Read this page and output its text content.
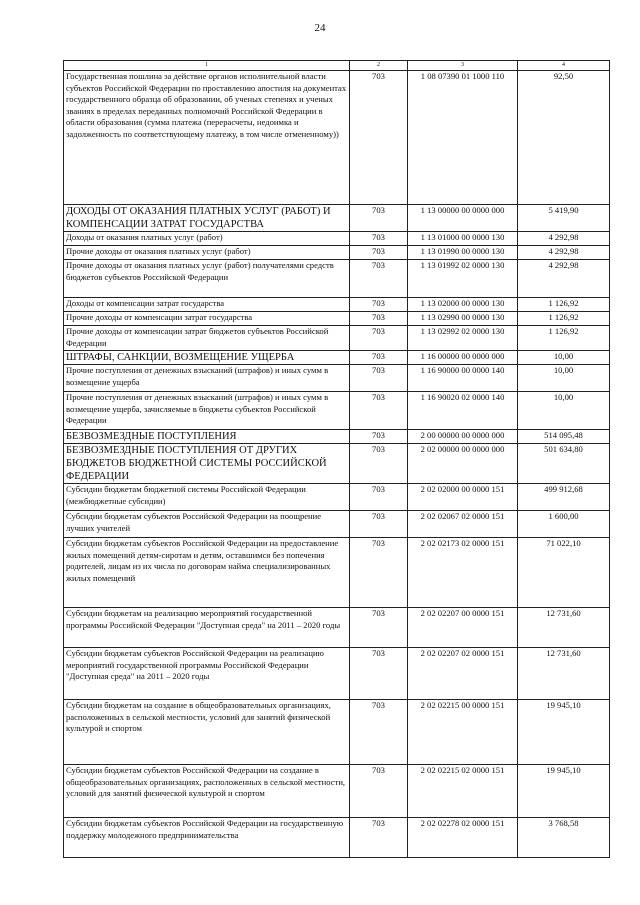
24
1	2	3	4
Государственная пошлина за действие органов исполнительной власти субъектов Российской Федерации по проставлению апостиля на документах государственного образца об образовании, об ученых степенях и ученых званиях в пределах переданных полномочий Российской Федерации в области образования (сумма платежа (перерасчеты, недоимка и задолженность по соответствующему платежу, в том числе отмененному))	703	1 08 07390 01 1000 110	92,50
ДОХОДЫ ОТ ОКАЗАНИЯ ПЛАТНЫХ УСЛУГ (РАБОТ) И КОМПЕНСАЦИИ ЗАТРАТ ГОСУДАРСТВА	703	1 13 00000 00 0000 000	5 419,90
Доходы от оказания платных услуг (работ)	703	1 13 01000 00 0000 130	4 292,98
Прочие доходы от оказания платных услуг (работ)	703	1 13 01990 00 0000 130	4 292,98
Прочие доходы от оказания платных услуг (работ) получателями средств бюджетов субъектов Российской Федерации	703	1 13 01992 02 0000 130	4 292,98
Доходы от компенсации затрат государства	703	1 13 02000 00 0000 130	1 126,92
Прочие доходы от компенсации затрат государства	703	1 13 02990 00 0000 130	1 126,92
Прочие доходы от компенсации затрат бюджетов субъектов Российской Федерации	703	1 13 02992 02 0000 130	1 126,92
ШТРАФЫ, САНКЦИИ, ВОЗМЕЩЕНИЕ УЩЕРБА	703	1 16 00000 00 0000 000	10,00
Прочие поступления от денежных взысканий (штрафов) и иных сумм в возмещение ущерба	703	1 16 90000 00 0000 140	10,00
Прочие поступления от денежных взысканий (штрафов) и иных сумм в возмещение ущерба, зачисляемые в бюджеты субъектов Российской Федерации	703	1 16 90020 02 0000 140	10,00
БЕЗВОЗМЕЗДНЫЕ ПОСТУПЛЕНИЯ	703	2 00 00000 00 0000 000	514 095,48
БЕЗВОЗМЕЗДНЫЕ ПОСТУПЛЕНИЯ ОТ ДРУГИХ БЮДЖЕТОВ БЮДЖЕТНОЙ СИСТЕМЫ РОССИЙСКОЙ ФЕДЕРАЦИИ	703	2 02 00000 00 0000 000	501 634,80
Субсидии бюджетам бюджетной системы Российской Федерации (межбюджетные субсидии)	703	2 02 02000 00 0000 151	499 912,68
Субсидии бюджетам субъектов Российской Федерации на поощрение лучших учителей	703	2 02 02067 02 0000 151	1 600,00
Субсидии бюджетам субъектов Российской Федерации на предоставление жилых помещений детям-сиротам и детям, оставшимся без попечения родителей, лицам из их числа по договорам найма специализированных жилых помещений	703	2 02 02173 02 0000 151	71 022,10
Субсидии бюджетам на реализацию мероприятий государственной программы Российской Федерации "Доступная среда" на 2011 – 2020 годы	703	2 02 02207 00 0000 151	12 731,60
Субсидии бюджетам субъектов Российской Федерации на реализацию мероприятий государственной программы Российской Федерации "Доступная среда" на 2011 – 2020 годы	703	2 02 02207 02 0000 151	12 731,60
Субсидии бюджетам на создание в общеобразовательных организациях, расположенных в сельской местности, условий для занятий физической культурой и спортом	703	2 02 02215 00 0000 151	19 945,10
Субсидии бюджетам субъектов Российской Федерации на создание в общеобразовательных организациях, расположенных в сельской местности, условий для занятий физической культурой и спортом	703	2 02 02215 02 0000 151	19 945,10
Субсидии бюджетам субъектов Российской Федерации на государственную поддержку молодежного предпринимательства	703	2 02 02278 02 0000 151	3 768,58
